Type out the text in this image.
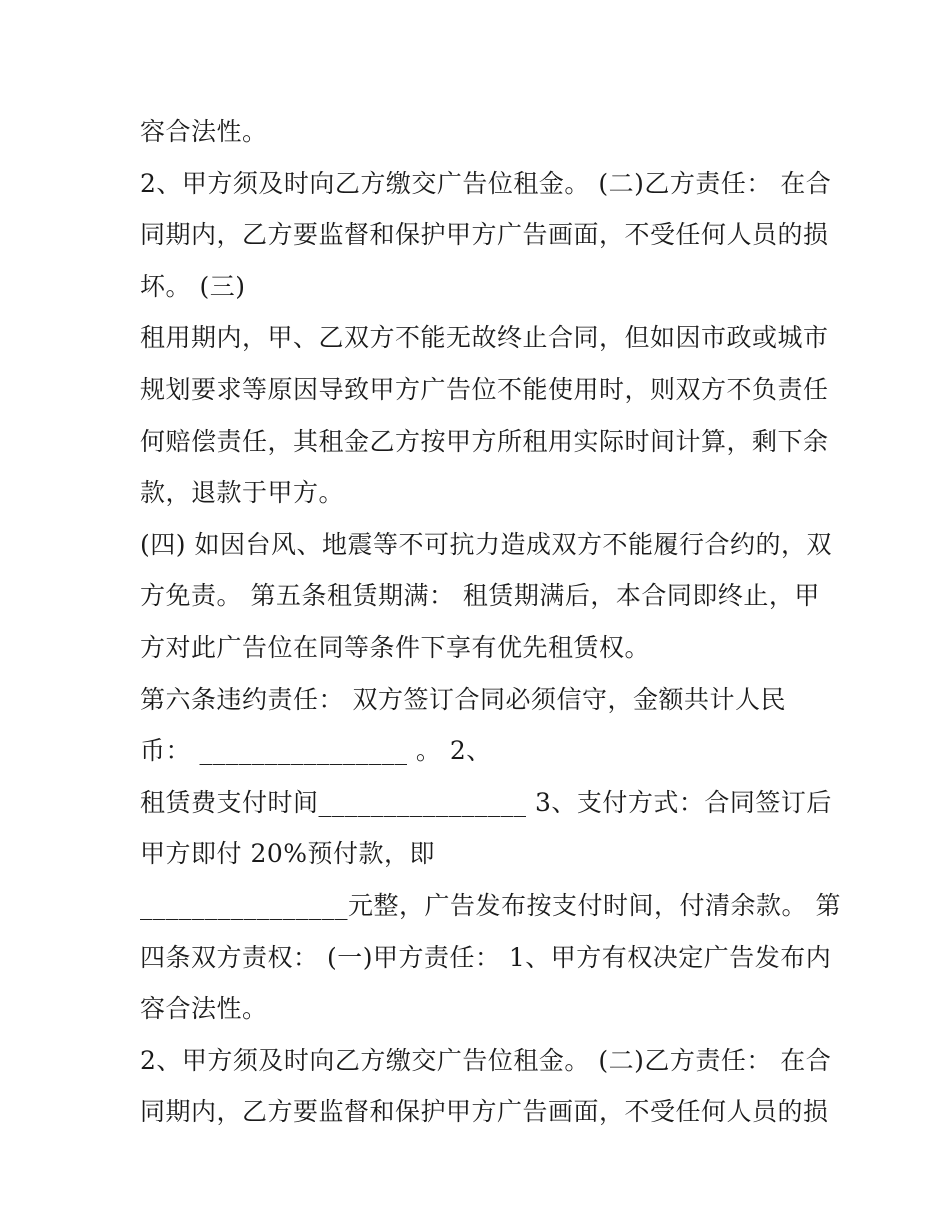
容合法性。
2、甲方须及时向乙方缴交广告位租金。 (二)乙方责任： 在合
同期内，乙方要监督和保护甲方广告画面，不受任何人员的损
坏。 (三)
租用期内，甲、乙双方不能无故终止合同，但如因市政或城市
规划要求等原因导致甲方广告位不能使用时，则双方不负责任
何赔偿责任，其租金乙方按甲方所租用实际时间计算，剩下余
款，退款于甲方。
(四) 如因台风、地震等不可抗力造成双方不能履行合约的，双
方免责。 第五条租赁期满： 租赁期满后，本合同即终止，甲
方对此广告位在同等条件下享有优先租赁权。
第六条违约责任： 双方签订合同必须信守，金额共计人民
币： ________________ 。 2、
租赁费支付时间________________ 3、支付方式：合同签订后
甲方即付 20%预付款，即
________________元整，广告发布按支付时间，付清余款。 第
四条双方责权： (一)甲方责任： 1、甲方有权决定广告发布内
容合法性。
2、甲方须及时向乙方缴交广告位租金。 (二)乙方责任： 在合
同期内，乙方要监督和保护甲方广告画面，不受任何人员的损
